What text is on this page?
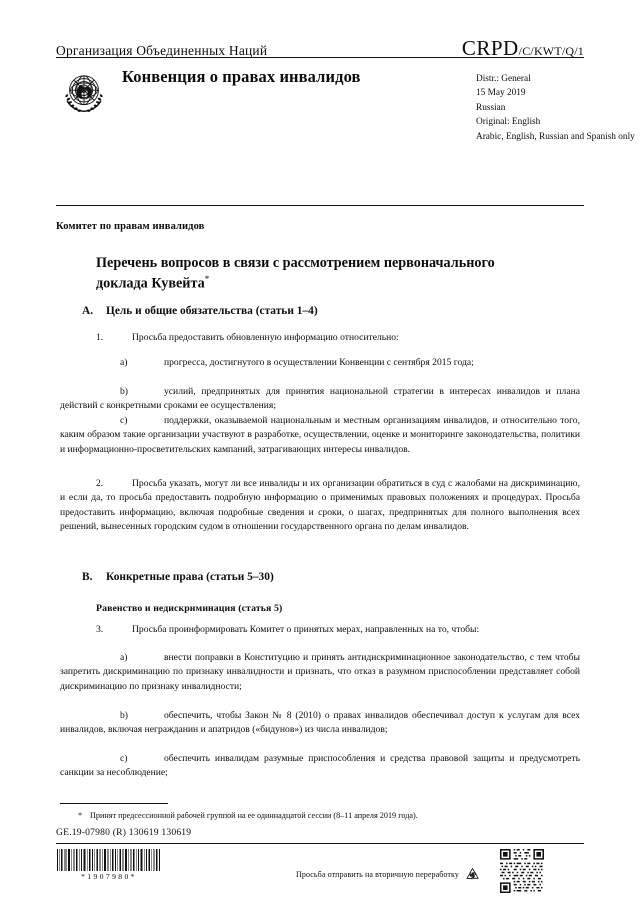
Организация Объединенных Наций	CRPD /C/KWT/Q/1
Конвенция о правах инвалидов	Distr.: General
15 May 2019
Russian
Original: English
Arabic, English, Russian and Spanish only
Комитет по правам инвалидов
Перечень вопросов в связи с рассмотрением первоначального доклада Кувейта*
A.	Цель и общие обязательства (статьи 1–4)
1.	Просьба предоставить обновленную информацию относительно:
a)	прогресса, достигнутого в осуществлении Конвенции с сентября 2015 года;
b)	усилий, предпринятых для принятия национальной стратегии в интересах инвалидов и плана действий с конкретными сроками ее осуществления;
c)	поддержки, оказываемой национальным и местным организациям инвалидов, и относительно того, каким образом такие организации участвуют в разработке, осуществлении, оценке и мониторинге законодательства, политики и информационно-просветительских кампаний, затрагивающих интересы инвалидов.
2.	Просьба указать, могут ли все инвалиды и их организации обратиться в суд с жалобами на дискриминацию, и если да, то просьба предоставить подробную информацию о применимых правовых положениях и процедурах. Просьба предоставить информацию, включая подробные сведения и сроки, о шагах, предпринятых для полного выполнения всех решений, вынесенных городским судом в отношении государственного органа по делам инвалидов.
B.	Конкретные права (статьи 5–30)
Равенство и недискриминация (статья 5)
3.	Просьба проинформировать Комитет о принятых мерах, направленных на то, чтобы:
a)	внести поправки в Конституцию и принять антидискриминационное законодательство, с тем чтобы запретить дискриминацию по признаку инвалидности и признать, что отказ в разумном приспособлении представляет собой дискриминацию по признаку инвалидности;
b)	обеспечить, чтобы Закон № 8 (2010) о правах инвалидов обеспечивал доступ к услугам для всех инвалидов, включая негражданин и апатридов («бидунов») из числа инвалидов;
c)	обеспечить инвалидам разумные приспособления и средства правовой защиты и предусмотреть санкции за несоблюдение;
* Принят предсессионной рабочей группой на ее одиннадцатой сессии (8–11 апреля 2019 года).
GE.19-07980 (R) 130619 130619
*1907980*	Просьба отправить на вторичную переработку
